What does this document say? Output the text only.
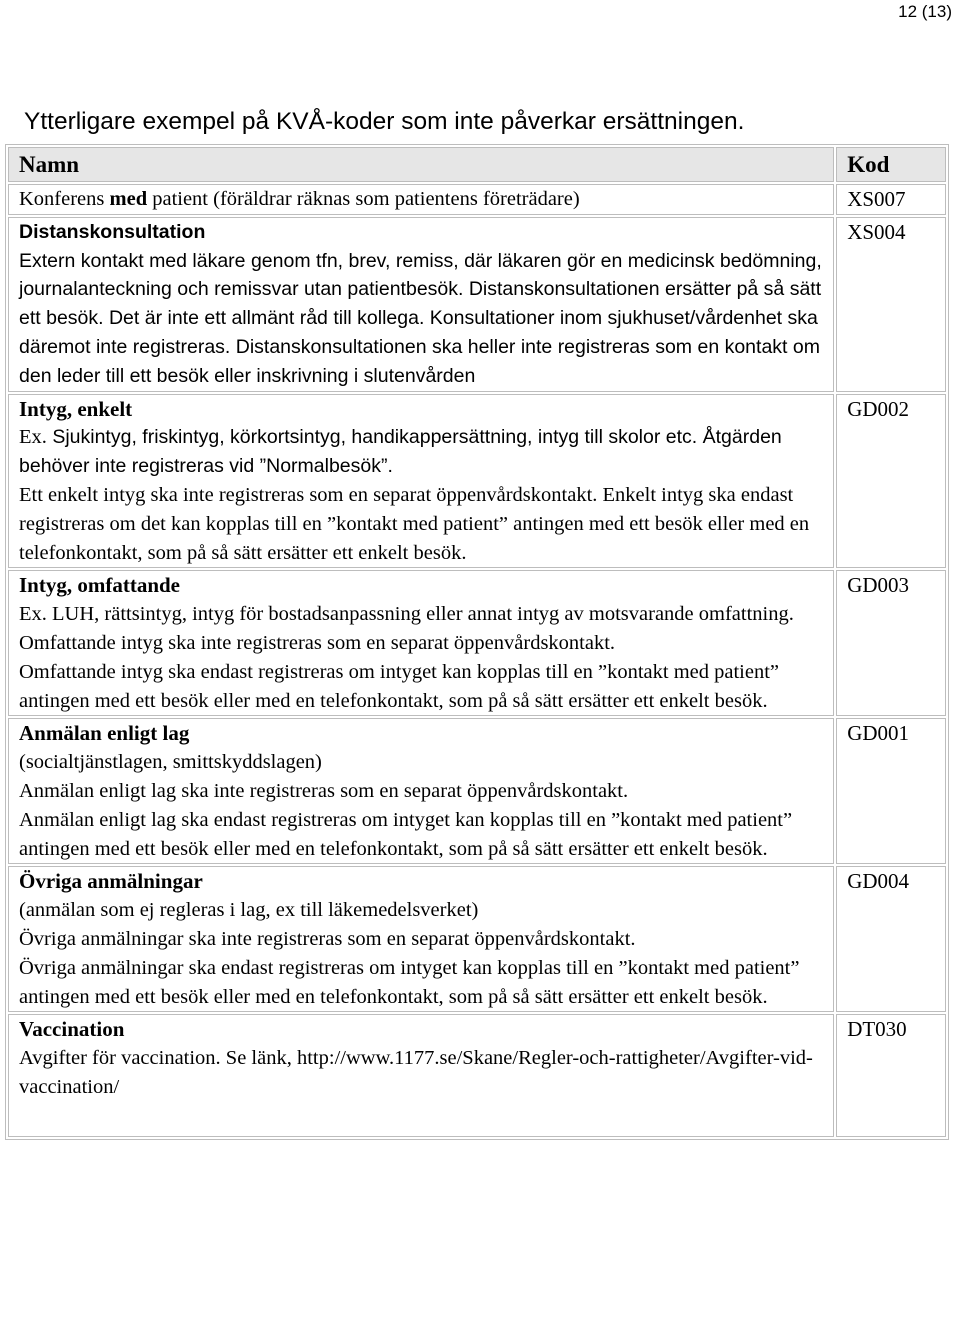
12 (13)
Ytterligare exempel på KVÅ-koder som inte påverkar ersättningen.
Namn	Kod
Konferens med patient (föräldrar räknas som patientens företrädare)	XS007

Distanskonsultation
Extern kontakt med läkare genom tfn, brev, remiss, där läkaren gör en medicinsk bedömning, journalanteckning och remissvar utan patientbesök. Distanskonsultationen ersätter på så sätt ett besök. Det är inte ett allmänt råd till kollega. Konsultationer inom sjukhuset/vårdenhet ska däremot inte registreras. Distanskonsultationen ska heller inte registreras som en kontakt om den leder till ett besök eller inskrivning i slutenvården	XS004

Intyg, enkelt
Ex. Sjukintyg, friskintyg, körkortsintyg, handikappersättning, intyg till skolor etc. Åtgärden behöver inte registreras vid ”Normalbesök”.
Ett enkelt intyg ska inte registreras som en separat öppenvårdskontakt. Enkelt intyg ska endast registreras om det kan kopplas till en ”kontakt med patient” antingen med ett besök eller med en telefonkontakt, som på så sätt ersätter ett enkelt besök.	GD002

Intyg, omfattande
Ex. LUH, rättsintyg, intyg för bostadsanpassning eller annat intyg av motsvarande omfattning.
Omfattande intyg ska inte registreras som en separat öppenvårdskontakt.
Omfattande intyg ska endast registreras om intyget kan kopplas till en ”kontakt med patient” antingen med ett besök eller med en telefonkontakt, som på så sätt ersätter ett enkelt besök.	GD003

Anmälan enligt lag
(socialtjänstlagen, smittskyddslagen)
Anmälan enligt lag ska inte registreras som en separat öppenvårdskontakt.
Anmälan enligt lag ska endast registreras om intyget kan kopplas till en ”kontakt med patient” antingen med ett besök eller med en telefonkontakt, som på så sätt ersätter ett enkelt besök.	GD001

Övriga anmälningar
(anmälan som ej regleras i lag, ex till läkemedelsverket)
Övriga anmälningar ska inte registreras som en separat öppenvårdskontakt.
Övriga anmälningar ska endast registreras om intyget kan kopplas till en ”kontakt med patient” antingen med ett besök eller med en telefonkontakt, som på så sätt ersätter ett enkelt besök.	GD004

Vaccination
Avgifter för vaccination. Se länk, http://www.1177.se/Skane/Regler-och-rattigheter/Avgifter-vid-vaccination/	DT030
